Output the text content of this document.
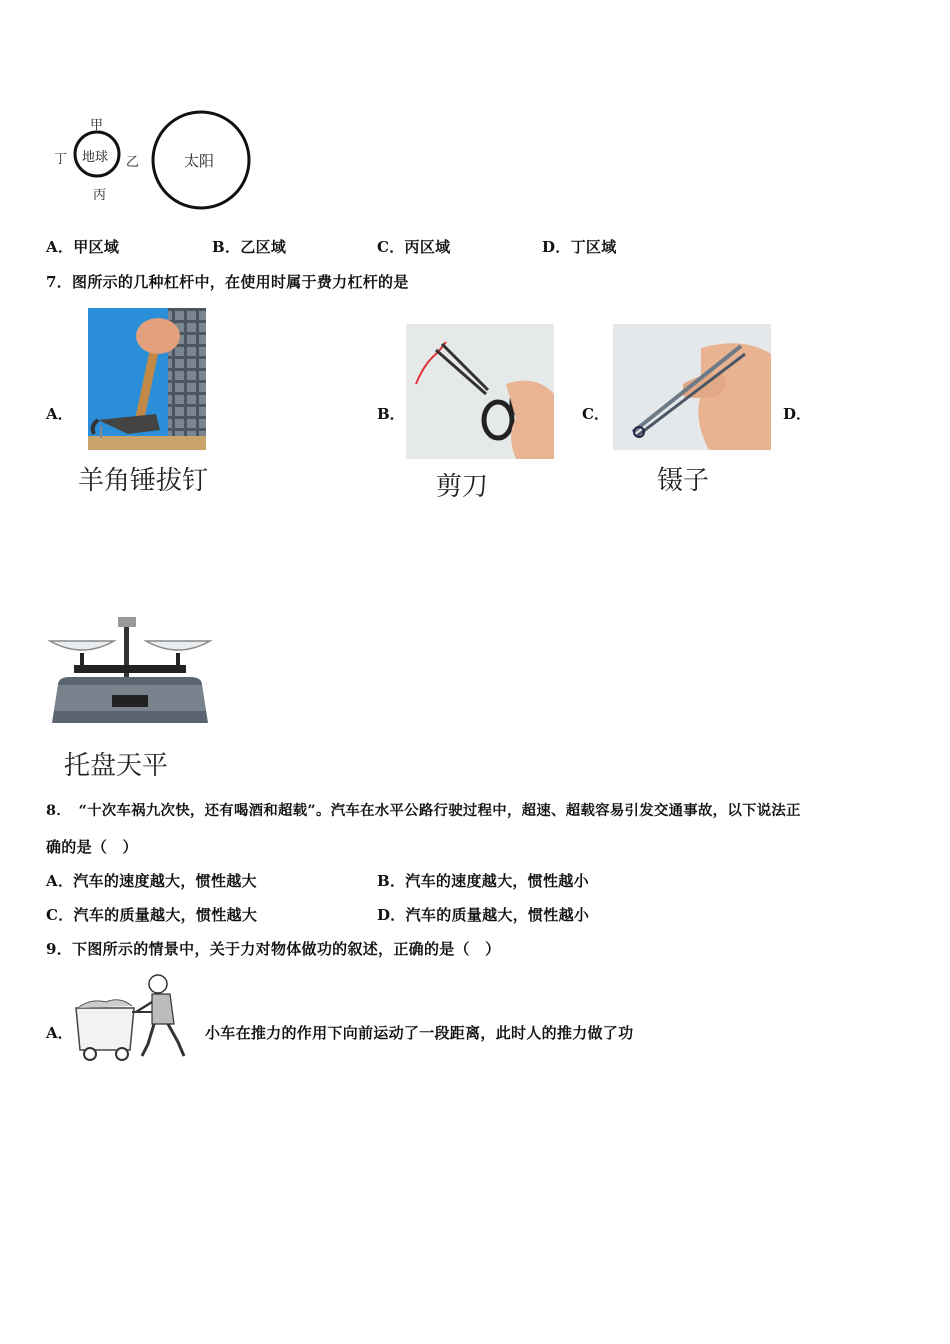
地球	太阳
甲
乙
丙
丁
A．甲区域	B．乙区域	C．丙区域	D．丁区域
7．图所示的几种杠杆中，在使用时属于费力杠杆的是
A．
羊角锤拔钉
B．
剪刀
C．
镊子
D．
托盘天平
8．　“十次车祸九次快，还有喝酒和超载”。汽车在水平公路行驶过程中，超速、超载容易引发交通事故，以下说法正
确的是（　）
A．汽车的速度越大，惯性越大	B．汽车的速度越大，惯性越小
C．汽车的质量越大，惯性越大	D．汽车的质量越大，惯性越小
9．下图所示的情景中，关于力对物体做功的叙述，正确的是（　）
A．	小车在推力的作用下向前运动了一段距离，此时人的推力做了功
